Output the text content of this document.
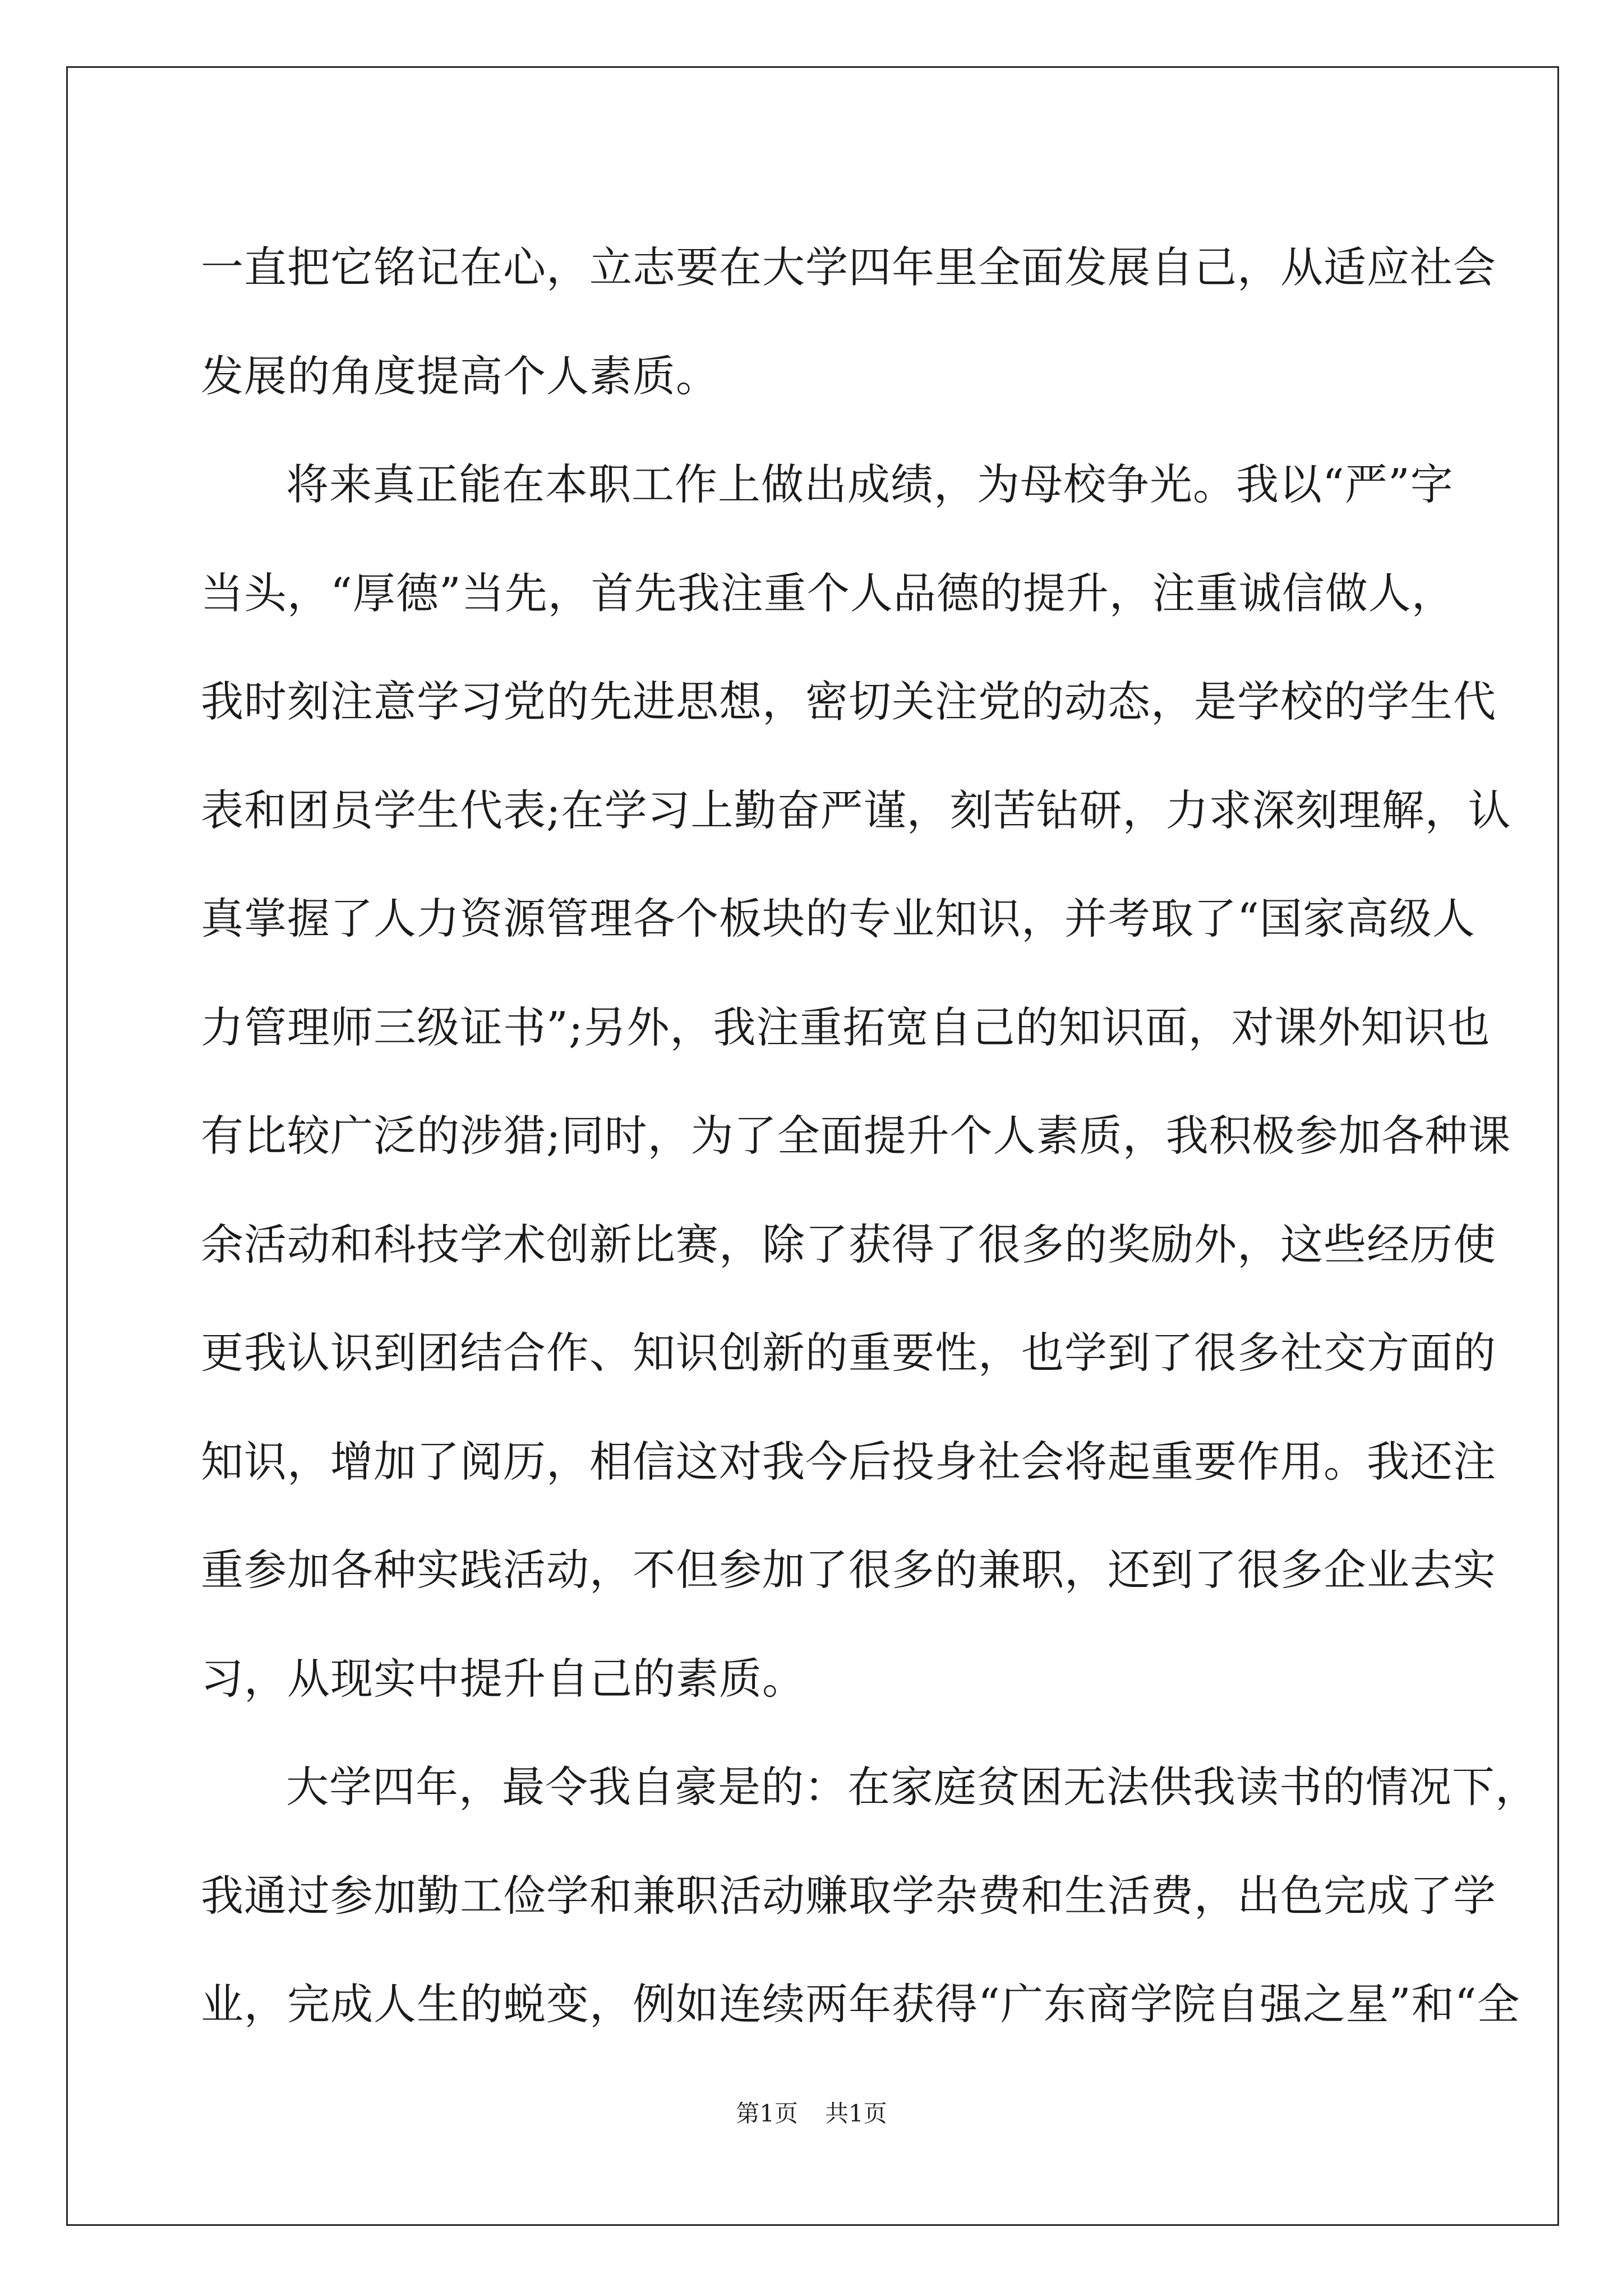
一直把它铭记在心，立志要在大学四年里全面发展自己，从适应社会

发展的角度提高个人素质。

将来真正能在本职工作上做出成绩，为母校争光。我以“严”字

当头，“厚德”当先，首先我注重个人品德的提升，注重诚信做人，

我时刻注意学习党的先进思想，密切关注党的动态，是学校的学生代

表和团员学生代表;在学习上勤奋严谨，刻苦钻研，力求深刻理解，认

真掌握了人力资源管理各个板块的专业知识，并考取了“国家高级人

力管理师三级证书”;另外，我注重拓宽自己的知识面，对课外知识也

有比较广泛的涉猎;同时，为了全面提升个人素质，我积极参加各种课

余活动和科技学术创新比赛，除了获得了很多的奖励外，这些经历使

更我认识到团结合作、知识创新的重要性，也学到了很多社交方面的

知识，增加了阅历，相信这对我今后投身社会将起重要作用。我还注

重参加各种实践活动，不但参加了很多的兼职，还到了很多企业去实

习，从现实中提升自己的素质。

大学四年，最令我自豪是的：在家庭贫困无法供我读书的情况下，

我通过参加勤工俭学和兼职活动赚取学杂费和生活费，出色完成了学

业，完成人生的蜕变，例如连续两年获得“广东商学院自强之星”和“全

第1页 共1页
